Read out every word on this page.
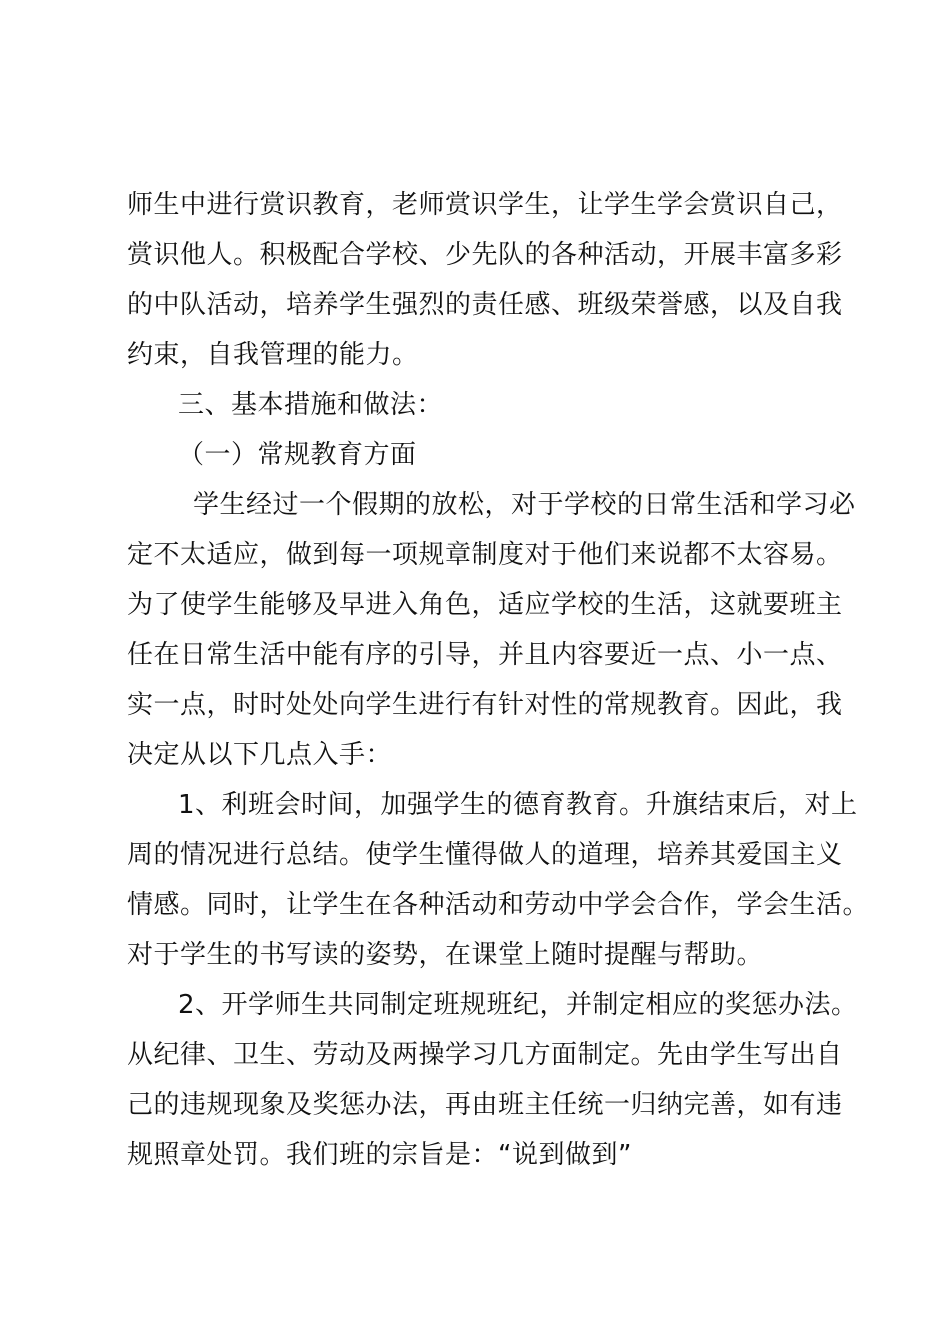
师生中进行赏识教育，老师赏识学生，让学生学会赏识自己，
赏识他人。积极配合学校、少先队的各种活动，开展丰富多彩
的中队活动，培养学生强烈的责任感、班级荣誉感，以及自我
约束，自我管理的能力。
三、基本措施和做法：
（一）常规教育方面
学生经过一个假期的放松，对于学校的日常生活和学习必
定不太适应，做到每一项规章制度对于他们来说都不太容易。
为了使学生能够及早进入角色，适应学校的生活，这就要班主
任在日常生活中能有序的引导，并且内容要近一点、小一点、
实一点，时时处处向学生进行有针对性的常规教育。因此，我
决定从以下几点入手：
1、利班会时间，加强学生的德育教育。升旗结束后，对上
周的情况进行总结。使学生懂得做人的道理，培养其爱国主义
情感。同时，让学生在各种活动和劳动中学会合作，学会生活。
对于学生的书写读的姿势，在课堂上随时提醒与帮助。
2、开学师生共同制定班规班纪，并制定相应的奖惩办法。
从纪律、卫生、劳动及两操学习几方面制定。先由学生写出自
己的违规现象及奖惩办法，再由班主任统一归纳完善，如有违
规照章处罚。我们班的宗旨是：“说到做到”
